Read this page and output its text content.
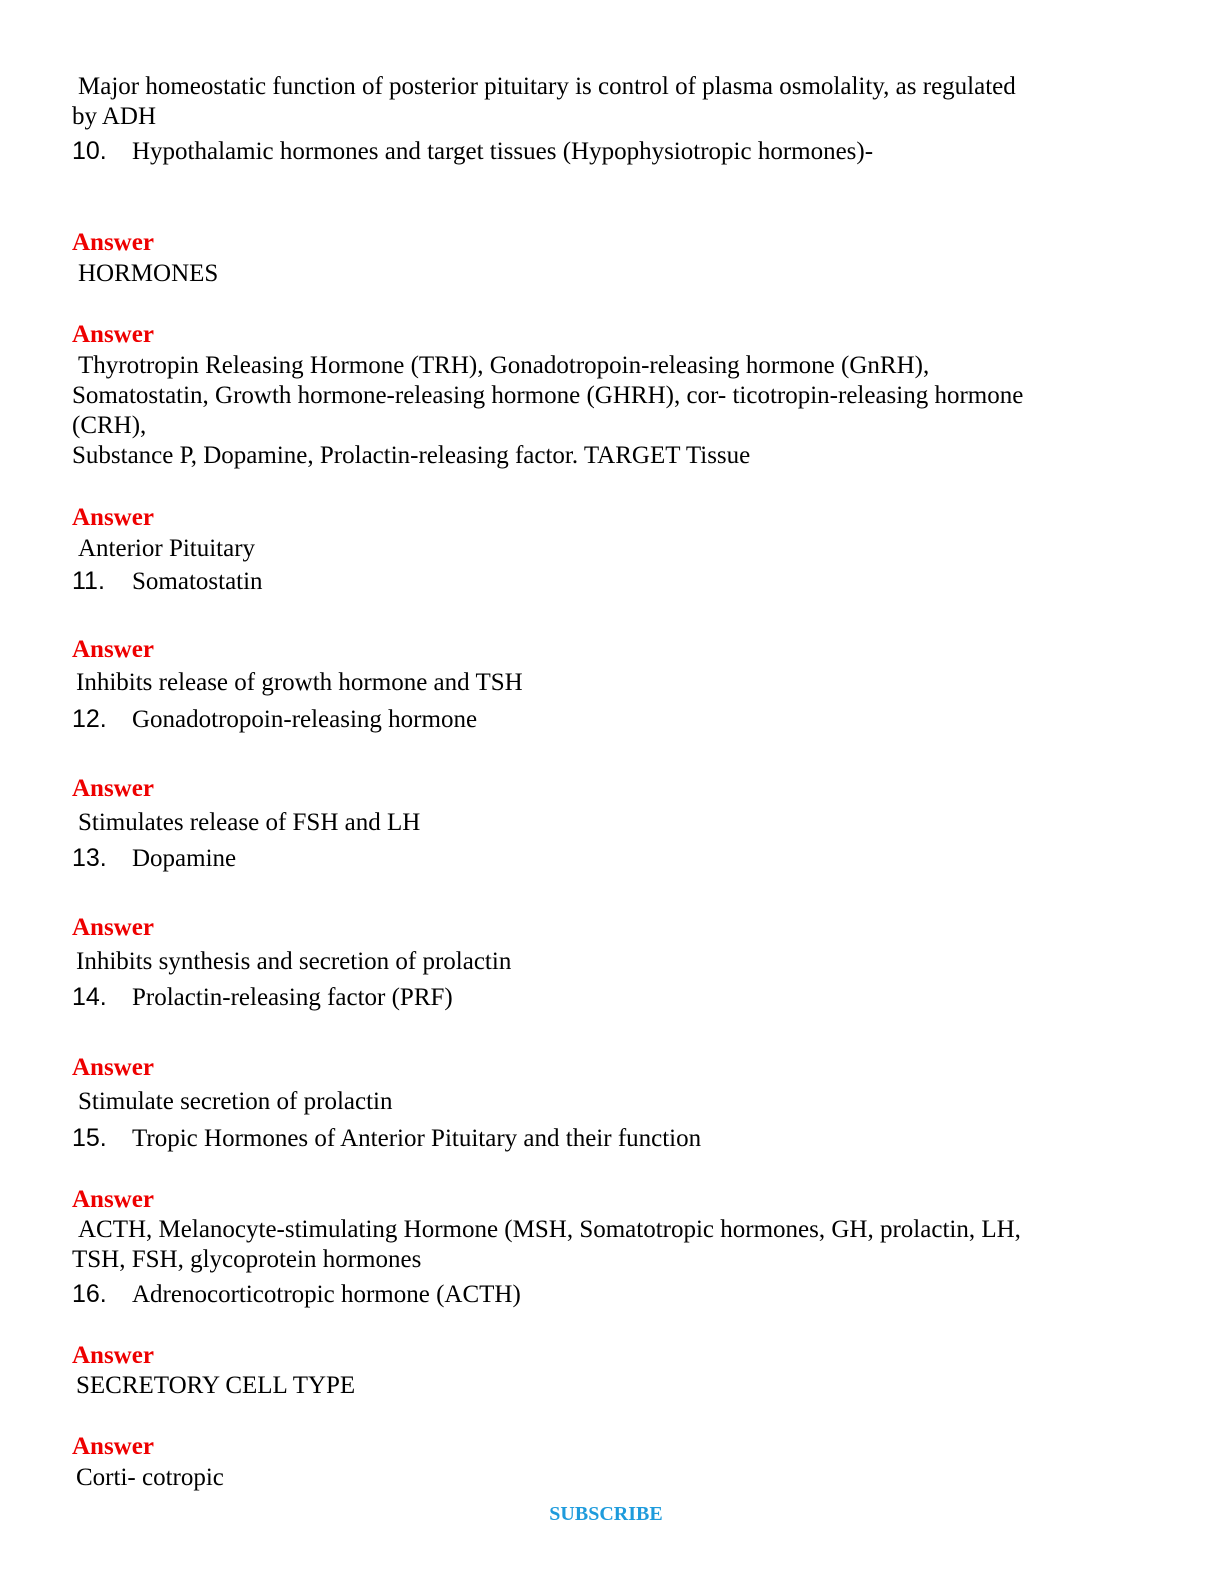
Major homeostatic function of posterior pituitary is control of plasma osmolality, as regulated
by ADH
10. Hypothalamic hormones and target tissues (Hypophysiotropic hormones)-
Answer
HORMONES
Answer
Thyrotropin Releasing Hormone (TRH), Gonadotropoin-releasing hormone (GnRH),
Somatostatin, Growth hormone-releasing hormone (GHRH), cor- ticotropin-releasing hormone
(CRH),
Substance P, Dopamine, Prolactin-releasing factor. TARGET Tissue
Answer
Anterior Pituitary
11. Somatostatin
Answer
Inhibits release of growth hormone and TSH
12. Gonadotropoin-releasing hormone
Answer
Stimulates release of FSH and LH
13. Dopamine
Answer
Inhibits synthesis and secretion of prolactin
14. Prolactin-releasing factor (PRF)
Answer
Stimulate secretion of prolactin
15. Tropic Hormones of Anterior Pituitary and their function
Answer
ACTH, Melanocyte-stimulating Hormone (MSH, Somatotropic hormones, GH, prolactin, LH,
TSH, FSH, glycoprotein hormones
16. Adrenocorticotropic hormone (ACTH)
Answer
SECRETORY CELL TYPE
Answer
Corti- cotropic
SUBSCRIBE
